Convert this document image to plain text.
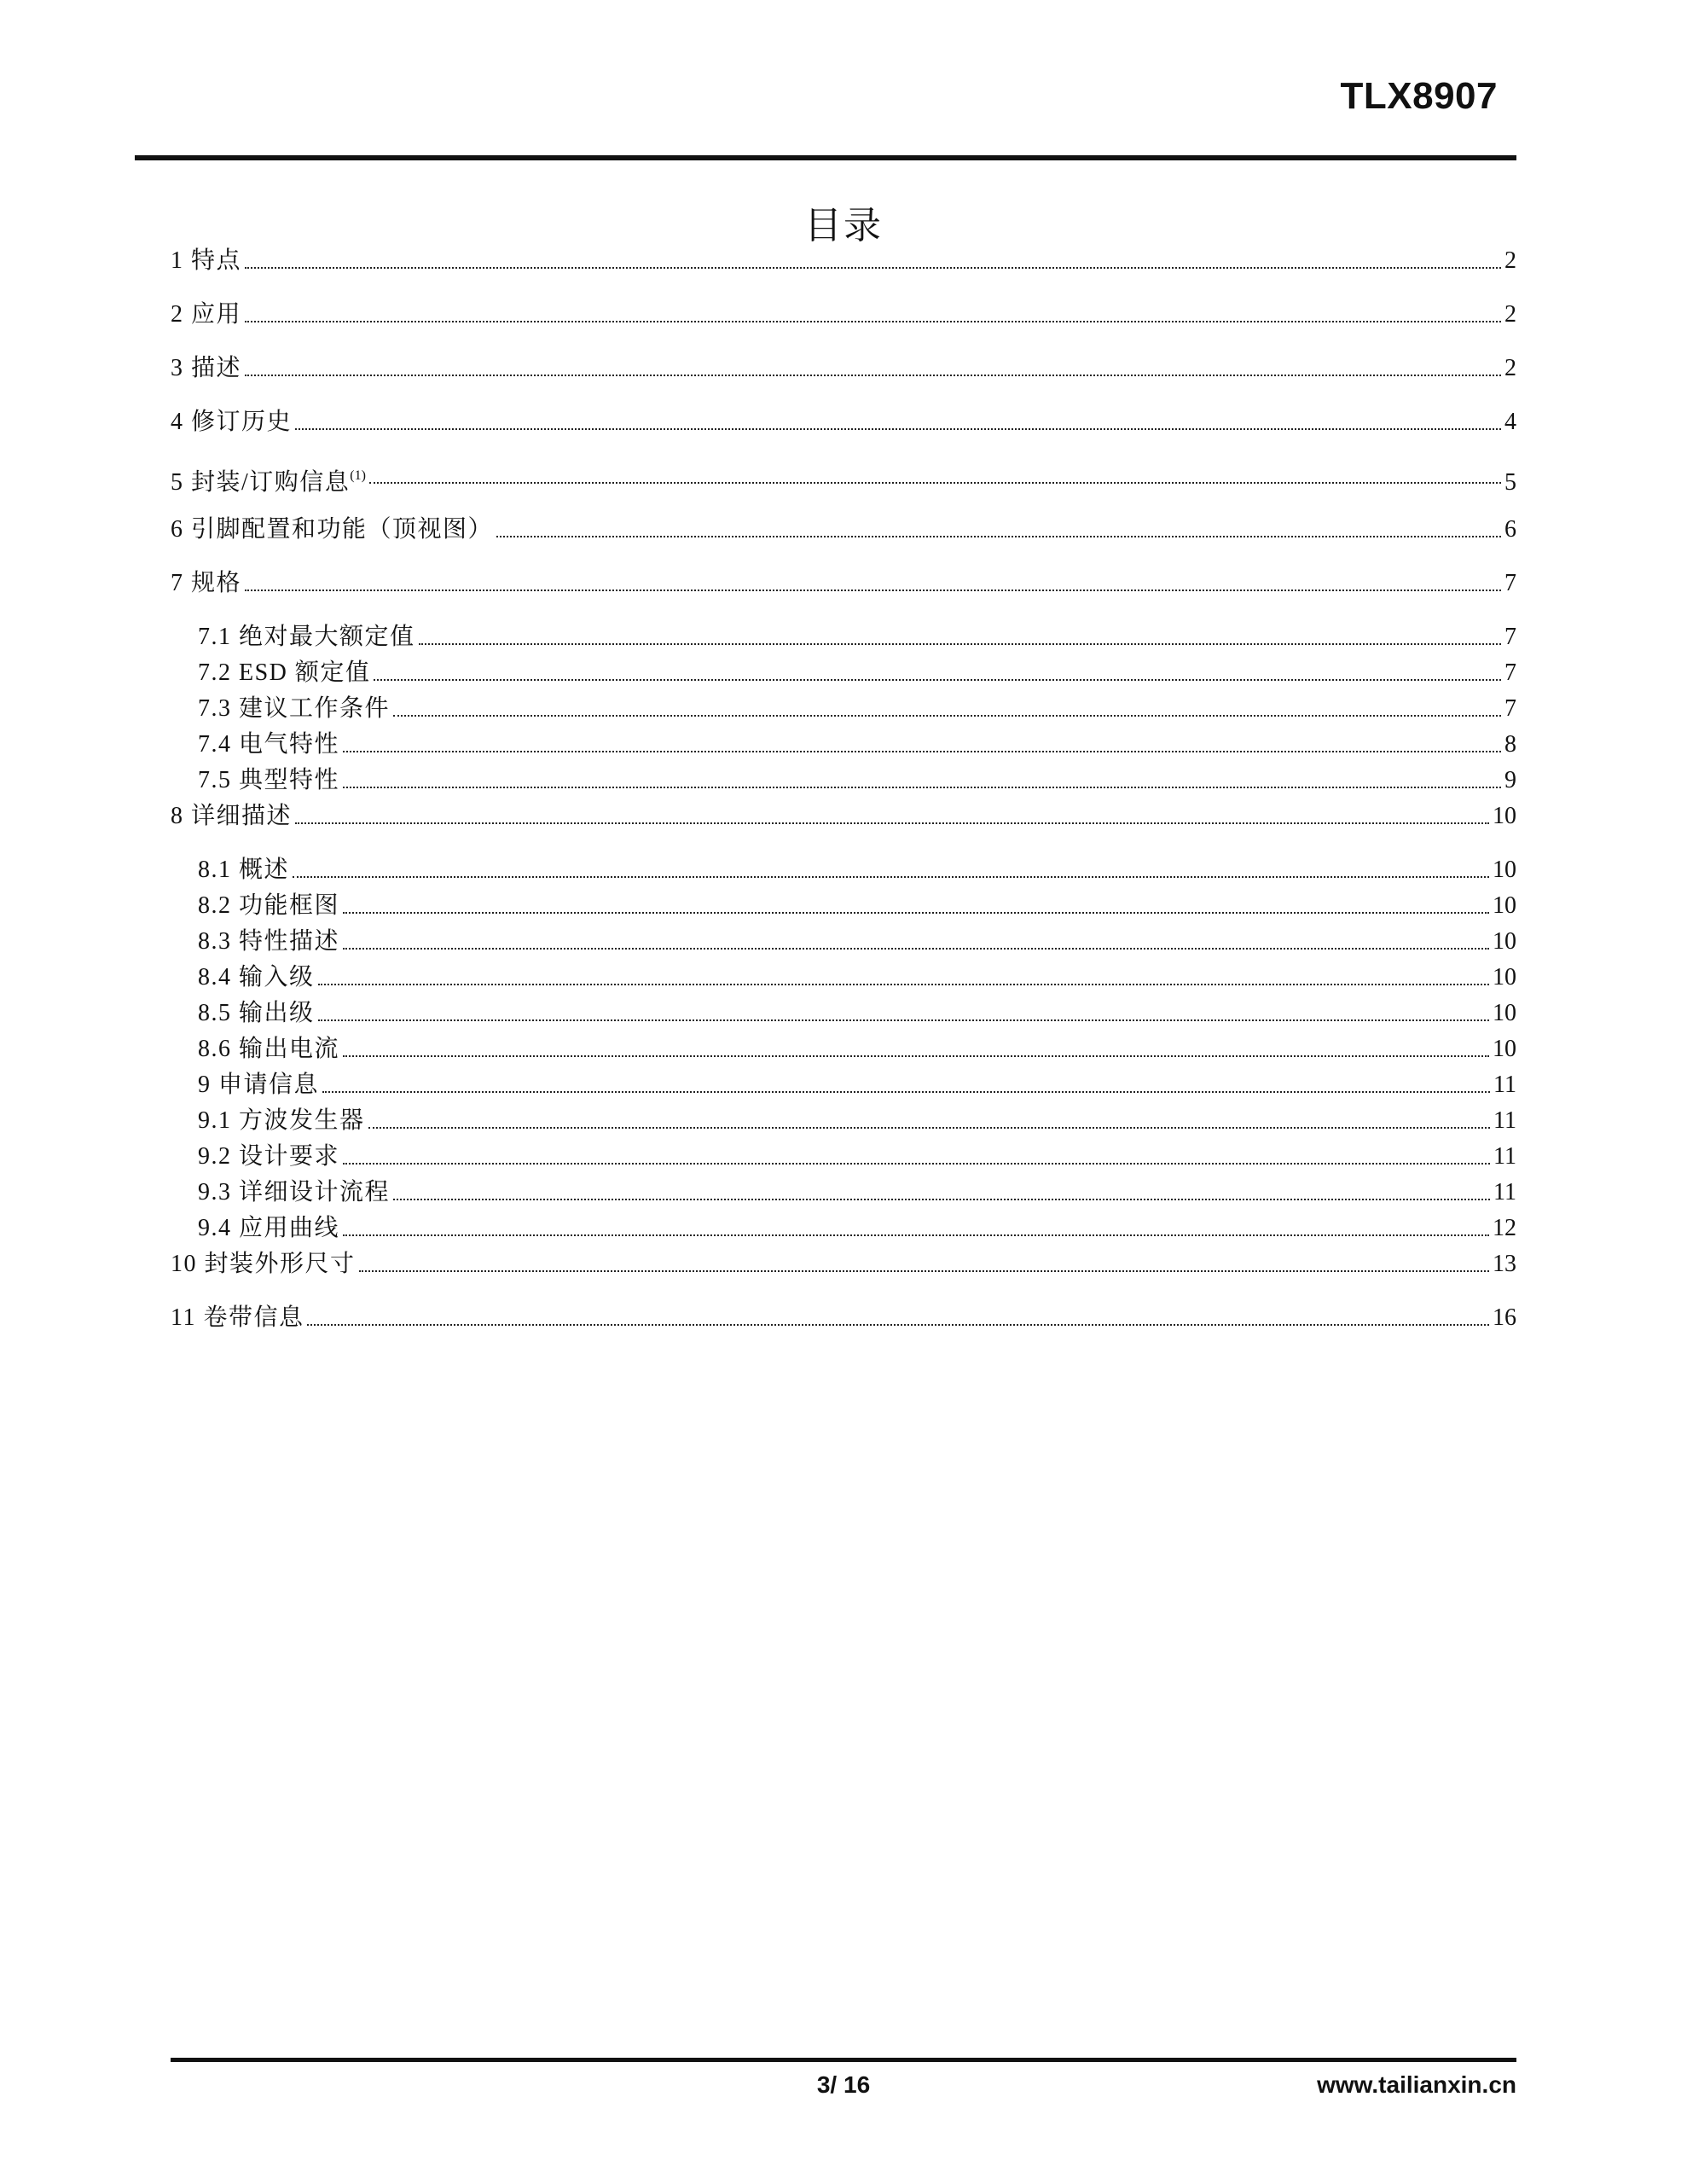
TLX8907
目录
1 特点	2
2 应用	2
3 描述	2
4 修订历史	4
5 封装/订购信息$^{(1)}$	5
6 引脚配置和功能（顶视图）	6
7 规格	7
7.1 绝对最大额定值	7
7.2 ESD 额定值	7
7.3 建议工作条件	7
7.4 电气特性	8
7.5 典型特性	9
8 详细描述	10
8.1 概述	10
8.2 功能框图	10
8.3 特性描述	10
8.4 输入级	10
8.5 输出级	10
8.6 输出电流	10
9 申请信息	11
9.1 方波发生器	11
9.2 设计要求	11
9.3 详细设计流程	11
9.4 应用曲线	12
10 封装外形尺寸	13
11 卷带信息	16
3/ 16	www.tailianxin.cn
